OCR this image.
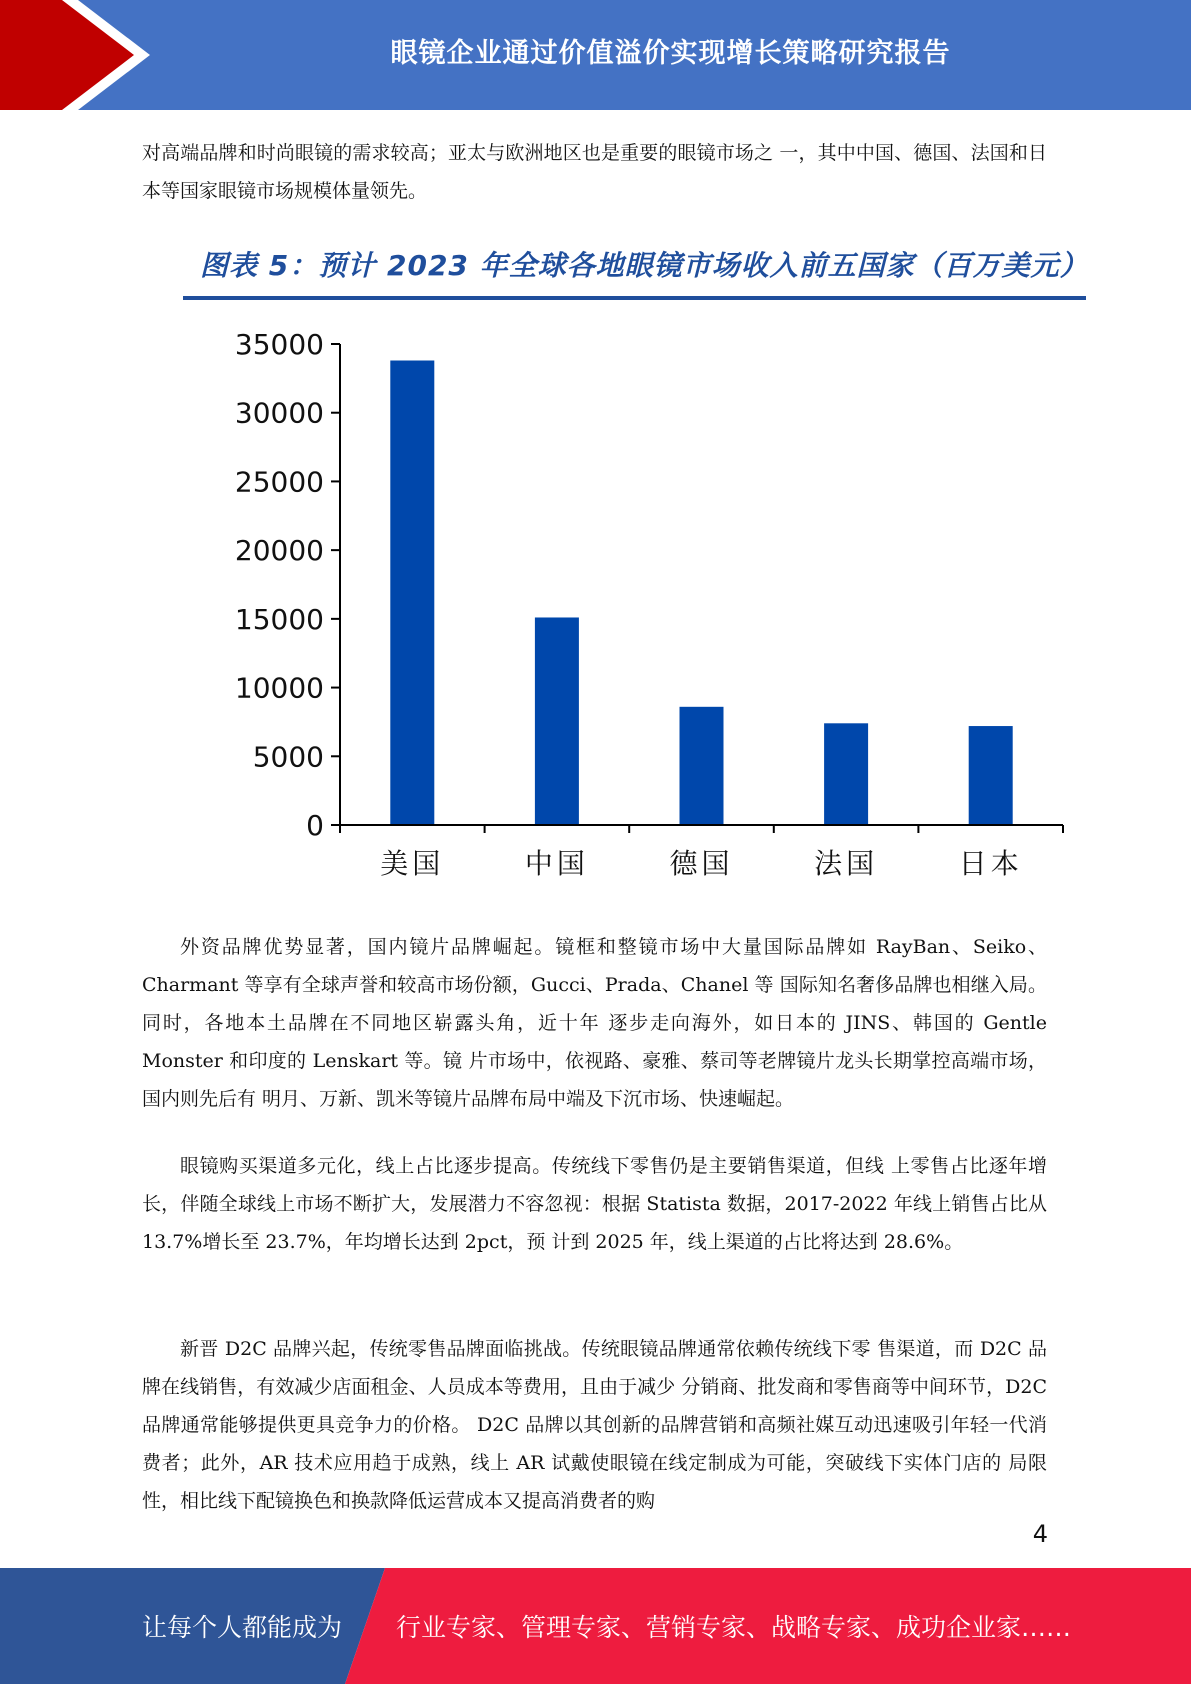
眼镜企业通过价值溢价实现增长策略研究报告

对高端品牌和时尚眼镜的需求较高；亚太与欧洲地区也是重要的眼镜市场之 一，其中中国、德国、法国和日本等国家眼镜市场规模体量领先。

图表 5：预计 2023 年全球各地眼镜市场收入前五国家（百万美元）
0
5000
10000
15000
20000
25000
30000
35000
美国	中国	德国	法国	日本

外资品牌优势显著，国内镜片品牌崛起。镜框和整镜市场中大量国际品牌如 RayBan、Seiko、Charmant 等享有全球声誉和较高市场份额，Gucci、Prada、Chanel 等 国际知名奢侈品牌也相继入局。同时，各地本土品牌在不同地区崭露头角，近十年 逐步走向海外，如日本的 JINS、韩国的 Gentle Monster 和印度的 Lenskart 等。镜 片市场中，依视路、豪雅、蔡司等老牌镜片龙头长期掌控高端市场，国内则先后有 明月、万新、凯米等镜片品牌布局中端及下沉市场、快速崛起。

眼镜购买渠道多元化，线上占比逐步提高。传统线下零售仍是主要销售渠道，但线 上零售占比逐年增长，伴随全球线上市场不断扩大，发展潜力不容忽视：根据 Statista 数据，2017-2022 年线上销售占比从 13.7%增长至 23.7%，年均增长达到 2pct，预 计到 2025 年，线上渠道的占比将达到 28.6%。

新晋 D2C 品牌兴起，传统零售品牌面临挑战。传统眼镜品牌通常依赖传统线下零 售渠道，而 D2C 品牌在线销售，有效减少店面租金、人员成本等费用，且由于减少 分销商、批发商和零售商等中间环节，D2C 品牌通常能够提供更具竞争力的价格。 D2C 品牌以其创新的品牌营销和高频社媒互动迅速吸引年轻一代消费者；此外，AR 技术应用趋于成熟，线上 AR 试戴使眼镜在线定制成为可能，突破线下实体门店的 局限性，相比线下配镜换色和换款降低运营成本又提高消费者的购

4
让每个人都能成为 行业专家、管理专家、营销专家、战略专家、成功企业家……
